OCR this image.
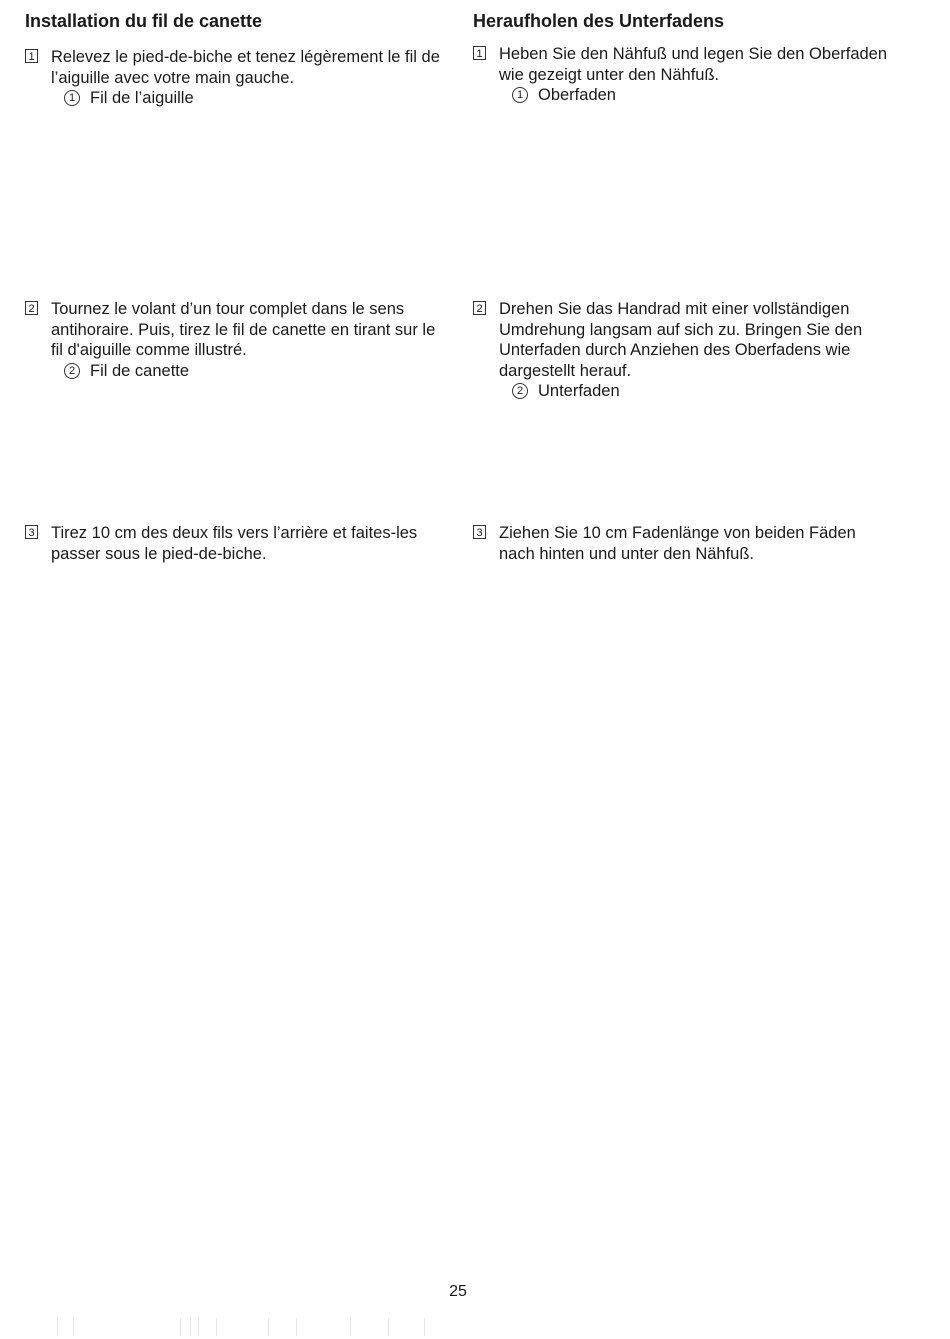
Installation du fil de canette
1 Relevez le pied-de-biche et tenez légèrement le fil de l’aiguille avec votre main gauche.
1 Fil de l’aiguille
2 Tournez le volant d’un tour complet dans le sens antihoraire. Puis, tirez le fil de canette en tirant sur le fil d'aiguille comme illustré.
2 Fil de canette
3 Tirez 10 cm des deux fils vers l’arrière et faites-les passer sous le pied-de-biche.
Heraufholen des Unterfadens
1 Heben Sie den Nähfuß und legen Sie den Oberfaden wie gezeigt unter den Nähfuß.
1 Oberfaden
2 Drehen Sie das Handrad mit einer vollständigen Umdrehung langsam auf sich zu. Bringen Sie den Unterfaden durch Anziehen des Oberfadens wie dargestellt herauf.
2 Unterfaden
3 Ziehen Sie 10 cm Fadenlänge von beiden Fäden nach hinten und unter den Nähfuß.
25
